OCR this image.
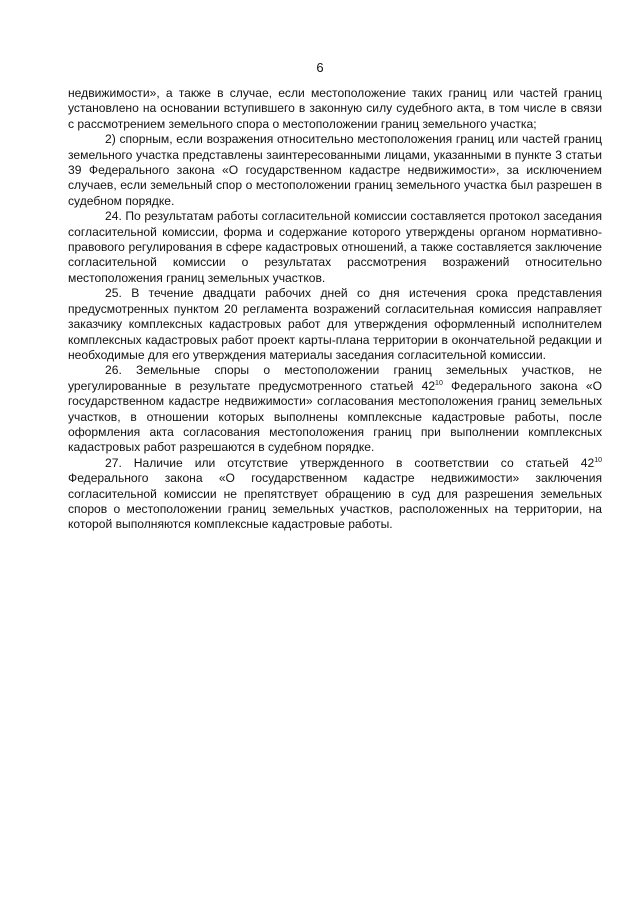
6

недвижимости», а также в случае, если местоположение таких границ или частей границ установлено на основании вступившего в законную силу судебного акта, в том числе в связи с рассмотрением земельного спора о местоположении границ земельного участка;

2) спорным, если возражения относительно местоположения границ или частей границ земельного участка представлены заинтересованными лицами, указанными в пункте 3 статьи 39 Федерального закона «О государственном кадастре недвижимости», за исключением случаев, если земельный спор о местоположении границ земельного участка был разрешен в судебном порядке.

24. По результатам работы согласительной комиссии составляется протокол заседания согласительной комиссии, форма и содержание которого утверждены органом нормативно-правового регулирования в сфере кадастровых отношений, а также составляется заключение согласительной комиссии о результатах рассмотрения возражений относительно местоположения границ земельных участков.

25. В течение двадцати рабочих дней со дня истечения срока представления предусмотренных пунктом 20 регламента возражений согласительная комиссия направляет заказчику комплексных кадастровых работ для утверждения оформленный исполнителем комплексных кадастровых работ проект карты-плана территории в окончательной редакции и необходимые для его утверждения материалы заседания согласительной комиссии.

26. Земельные споры о местоположении границ земельных участков, не урегулированные в результате предусмотренного статьей $42^{10}$ Федерального закона «О государственном кадастре недвижимости» согласования местоположения границ земельных участков, в отношении которых выполнены комплексные кадастровые работы, после оформления акта согласования местоположения границ при выполнении комплексных кадастровых работ разрешаются в судебном порядке.

27. Наличие или отсутствие утвержденного в соответствии со статьей $42^{10}$ Федерального закона «О государственном кадастре недвижимости» заключения согласительной комиссии не препятствует обращению в суд для разрешения земельных споров о местоположении границ земельных участков, расположенных на территории, на которой выполняются комплексные кадастровые работы.
